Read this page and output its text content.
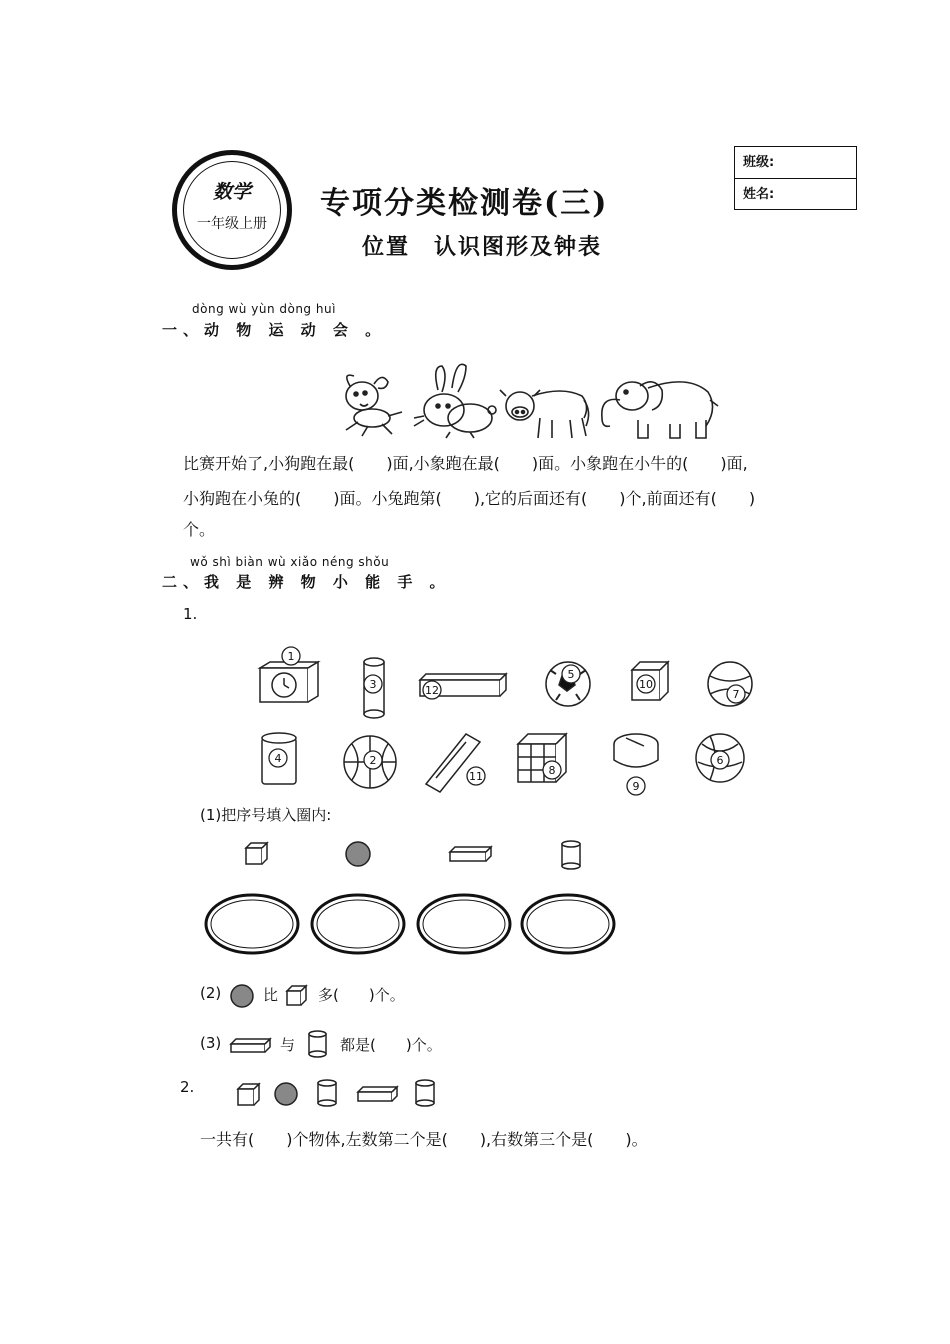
数学
一年级上册
专项分类检测卷(三)
位置　认识图形及钟表
班级:
姓名:
dòng wù yùn dòng huì
一、动 物 运 动 会 。
比赛开始了,小狗跑在最(　　)面,小象跑在最(　　)面。小象跑在小牛的(　　)面,
小狗跑在小兔的(　　)面。小兔跑第(　　),它的后面还有(　　)个,前面还有(　　)
个。
wǒ shì biàn wù xiǎo néng shǒu
二、我 是 辨 物 小 能 手 。
1.
1
3	12
5
10
7
4	2
11	8
9
6
(1)把序号填入圈内:
(2)	比	多(　　)个。
(3)	与	都是(　　)个。
2.
一共有(　　)个物体,左数第二个是(　　),右数第三个是(　　)。
